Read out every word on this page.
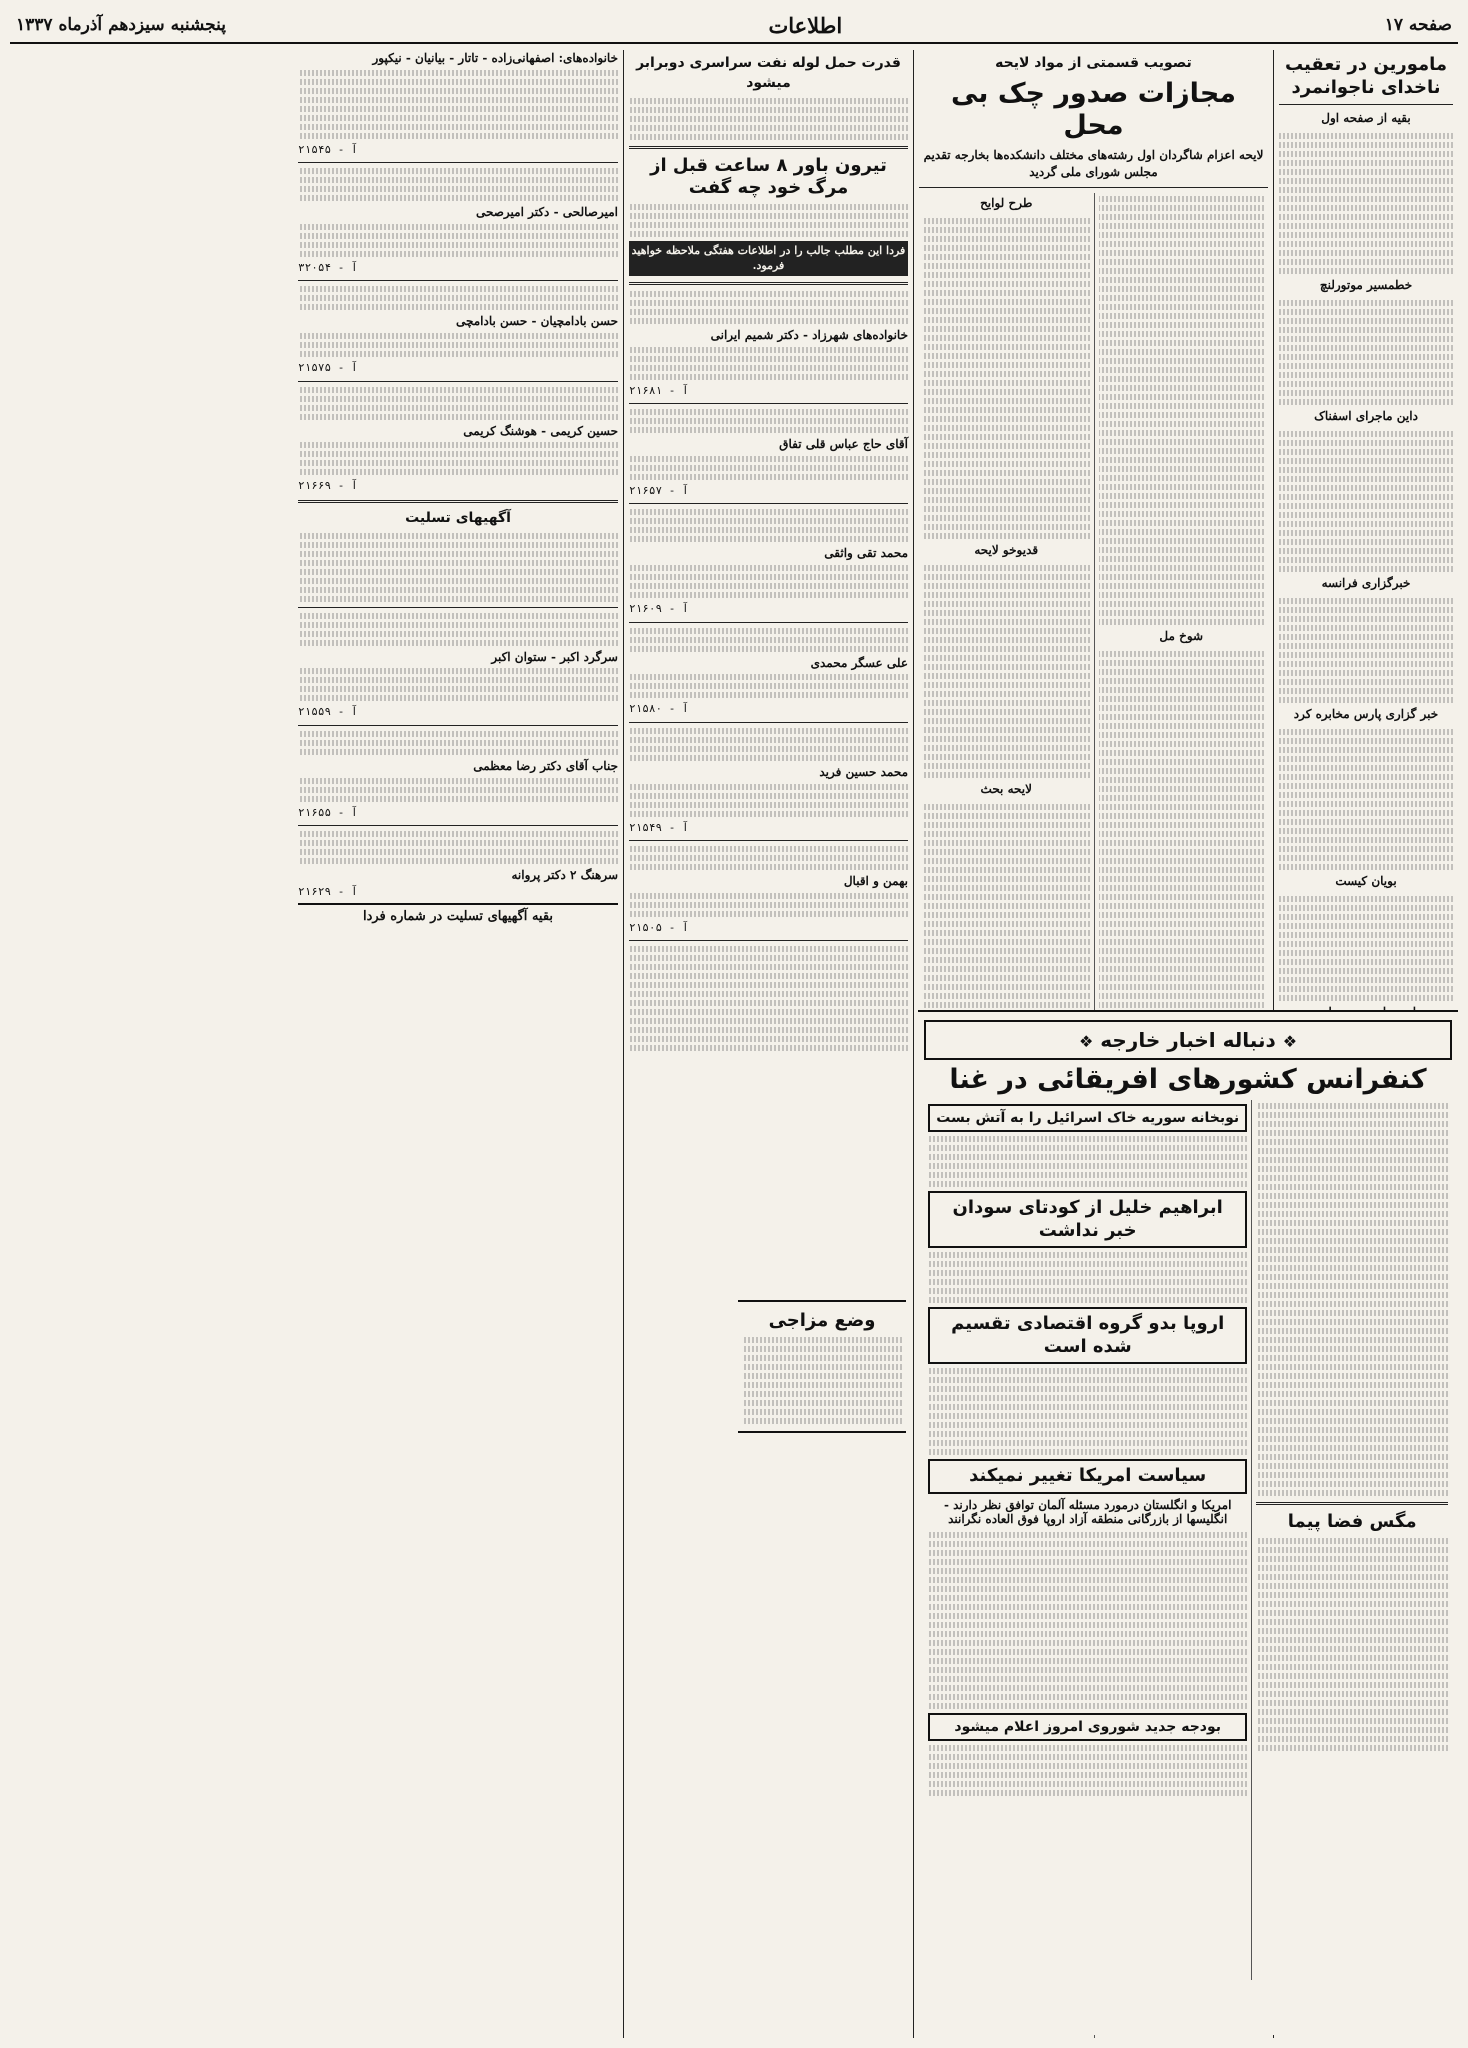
صفحه ۱۷
اطلاعات
پنجشنبه سیزدهم آذرماه ۱۳۳۷
مامورین در تعقیب ناخدای ناجوانمرد
بقیه از صفحه اول
خطمسیر موتورلنچ
داین ماجرای اسفناک
خبرگزاری فرانسه
خبر گزاری پارس مخابره کرد
بویان کیست
تصویب قسمتی از مواد لایحه
مجازات صدور چک بی محل
لایحه اعزام شاگردان اول رشته‌های مختلف دانشکده‌ها بخارجه تقدیم مجلس شورای ملی گردید
شوخ مل
طرح لوایح
قدیوخو لایحه
لایحه بحث
قدرت حمل لوله نفت سراسری دوبرابر میشود
تیرون باور ۸ ساعت قبل از مرگ خود چه گفت
فردا این مطلب جالب را در اطلاعات هفتگی ملاحظه خواهید فرمود.
خانواده‌های شهرزاد - دکتر شمیم ایرانی
آ - ۲۱۶۸۱
آقای حاج عباس قلی تفاق
آ - ۲۱۶۵۷
محمد تقی واثقی
آ - ۲۱۶۰۹
علی عسگر محمدی
آ - ۲۱۵۸۰
محمد حسین فرید
آ - ۲۱۵۴۹
بهمن و اقبال
آ - ۲۱۵۰۵
خانواده‌های: اصفهانی‌زاده - تاتار - بیانیان - نیکپور
آ - ۲۱۵۴۵
امیرصالحی - دکتر امیرصحی
آ - ۳۲۰۵۴
حسن بادامچیان - حسن بادامچی
آ - ۲۱۵۷۵
حسین کریمی - هوشنگ کریمی
آ - ۲۱۶۶۹
آگهیهای تسلیت
سرگرد اکبر - ستوان اکبر
آ - ۲۱۵۵۹
جناب آقای دکتر رضا معظمی
آ - ۲۱۶۵۵
سرهنگ ۲ دکتر پروانه
آ - ۲۱۶۲۹
بقیه آگهیهای تسلیت در شماره فردا
❖ دنباله اخبار خارجه ❖
کنفرانس کشورهای افریقائی در غنا
مگس فضا پیما
نوبخانه سوریه خاک اسرائیل را به آتش بست
ابراهیم خلیل از کودتای سودان خبر نداشت
اروپا بدو گروه اقتصادی تقسیم شده است
سیاست امریکا تغییر نمیکند
امریکا و انگلستان درمورد مسئله آلمان توافق نظر دارند - انگلیسها از بازرگانی منطقه آزاد اروپا فوق العاده نگرانند
بودجه جدید شوروی امروز اعلام میشود
وضع مزاجی
